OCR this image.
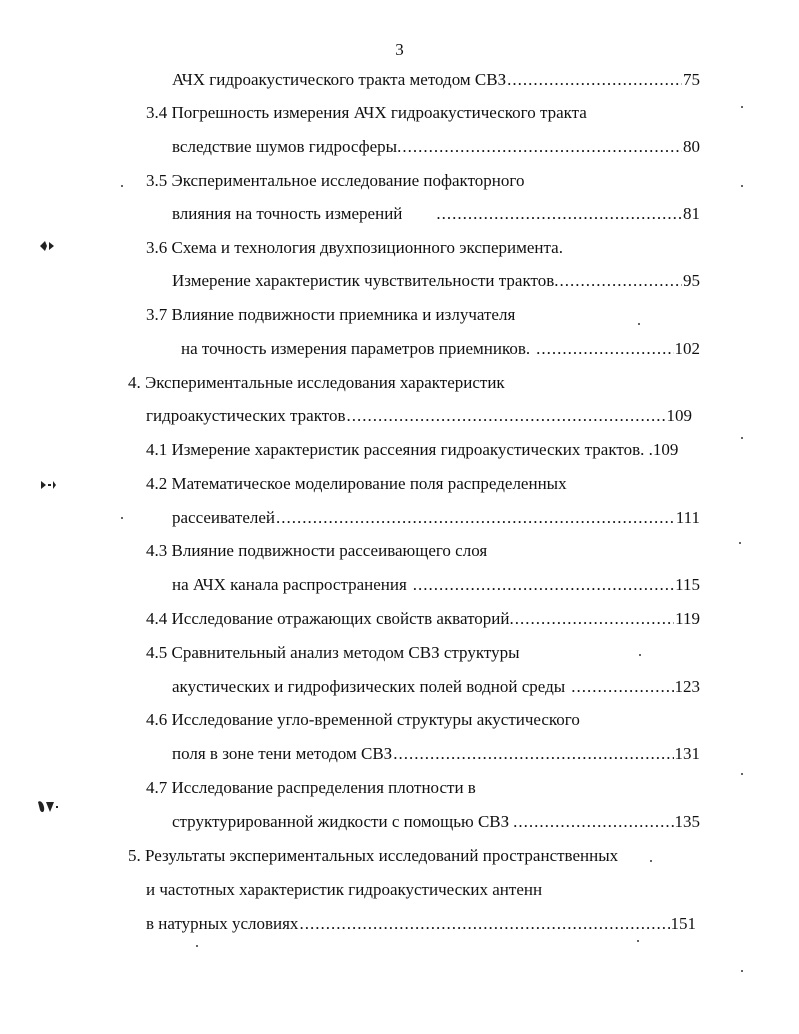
3
АЧХ гидроакустического тракта методом СВЗ .....	75
3.4 Погрешность измерения АЧХ гидроакустического тракта
вследствие шумов гидросферы. .....	80
3.5 Экспериментальное исследование пофакторного
влияния на точность измерений .....	81
3.6 Схема и технология двухпозиционного эксперимента.
Измерение характеристик чувствительности трактов. .....	95
3.7 Влияние подвижности приемника и излучателя
на точность измерения параметров приемников. .....	102
4. Экспериментальные исследования характеристик
гидроакустических трактов .....	109
4.1 Измерение характеристик рассеяния гидроакустических трактов. .109
4.2 Математическое моделирование поля распределенных
рассеивателей .....	111
4.3 Влияние подвижности рассеивающего слоя
на АЧХ канала распространения .....	115
4.4 Исследование отражающих свойств акваторий. .....	119
4.5 Сравнительный анализ методом СВЗ структуры
акустических и гидрофизических полей водной среды .....	123
4.6 Исследование угло-временной структуры акустического
поля в зоне тени методом СВЗ .....	131
4.7 Исследование распределения плотности в
структурированной жидкости с помощью СВЗ .....	135
5. Результаты экспериментальных исследований пространственных
и частотных характеристик гидроакустических антенн
в натурных условиях .....	151
